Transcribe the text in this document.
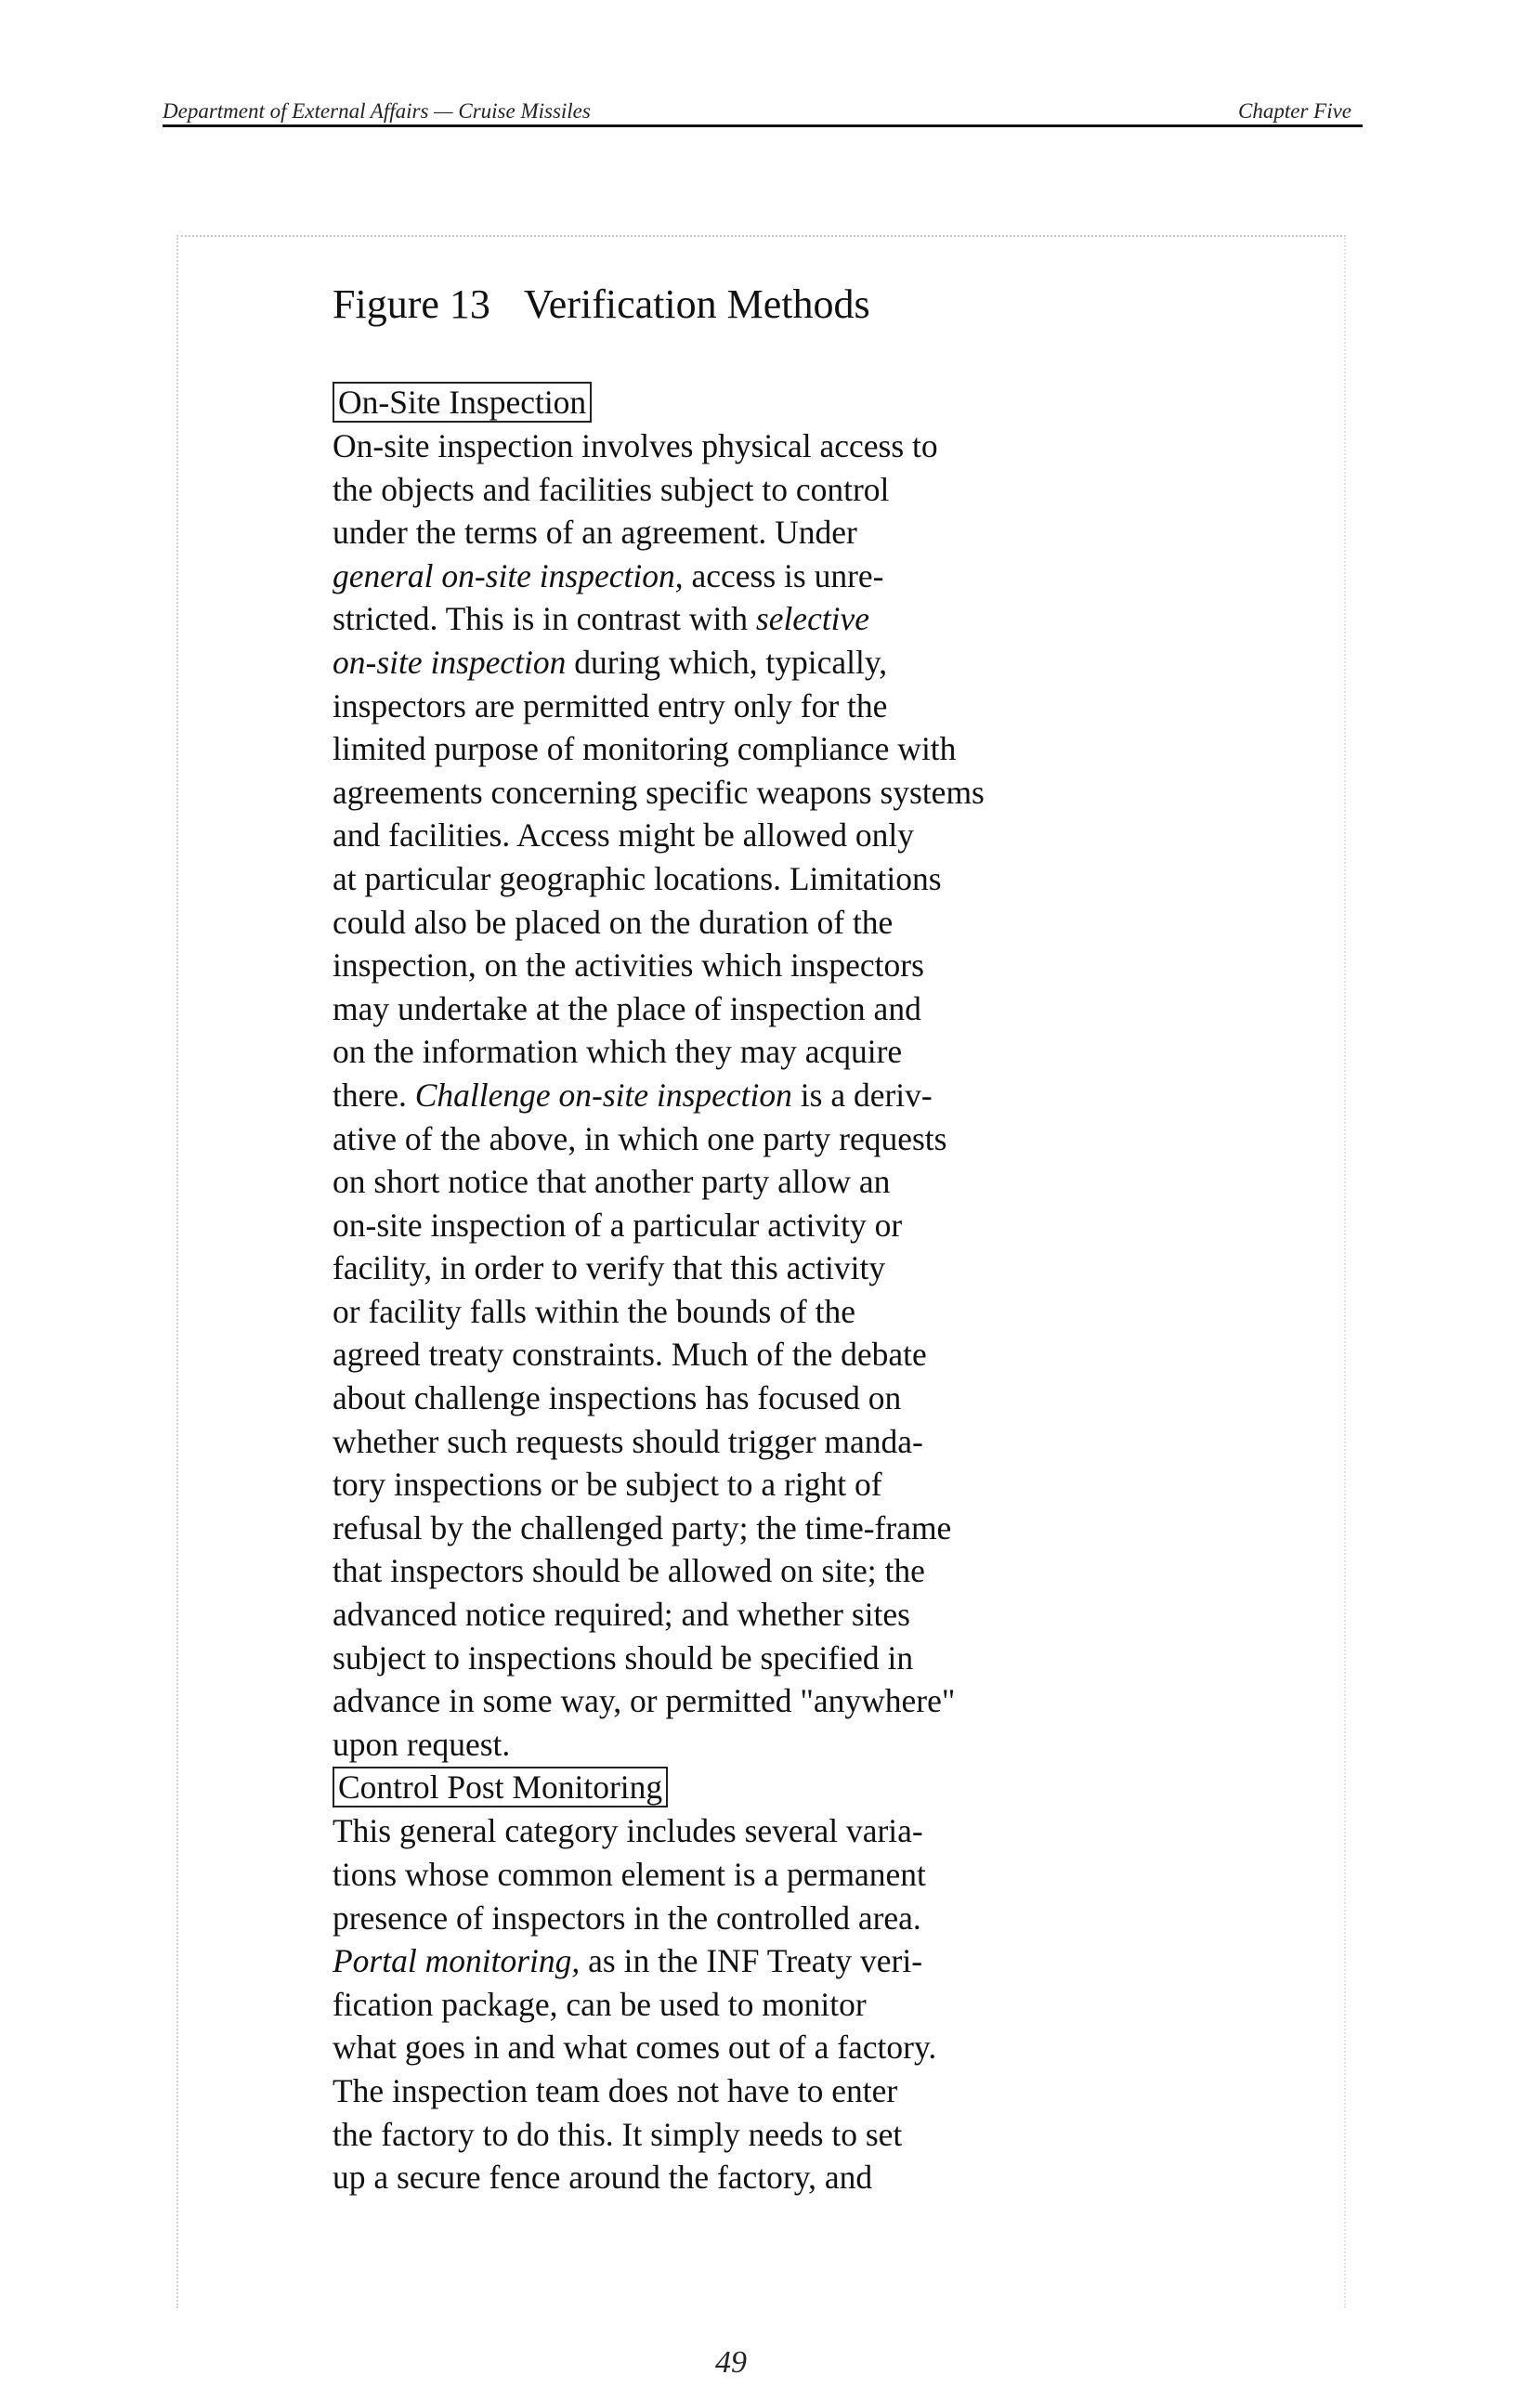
Department of External Affairs — Cruise Missiles	Chapter Five
Figure 13 Verification Methods
On-Site Inspection
On-site inspection involves physical access to
the objects and facilities subject to control
under the terms of an agreement. Under
general on-site inspection, access is unre-
stricted. This is in contrast with selective
on-site inspection during which, typically,
inspectors are permitted entry only for the
limited purpose of monitoring compliance with
agreements concerning specific weapons systems
and facilities. Access might be allowed only
at particular geographic locations. Limitations
could also be placed on the duration of the
inspection, on the activities which inspectors
may undertake at the place of inspection and
on the information which they may acquire
there. Challenge on-site inspection is a deriv-
ative of the above, in which one party requests
on short notice that another party allow an
on-site inspection of a particular activity or
facility, in order to verify that this activity
or facility falls within the bounds of the
agreed treaty constraints. Much of the debate
about challenge inspections has focused on
whether such requests should trigger manda-
tory inspections or be subject to a right of
refusal by the challenged party; the time-frame
that inspectors should be allowed on site; the
advanced notice required; and whether sites
subject to inspections should be specified in
advance in some way, or permitted "anywhere"
upon request.
Control Post Monitoring
This general category includes several varia-
tions whose common element is a permanent
presence of inspectors in the controlled area.
Portal monitoring, as in the INF Treaty veri-
fication package, can be used to monitor
what goes in and what comes out of a factory.
The inspection team does not have to enter
the factory to do this. It simply needs to set
up a secure fence around the factory, and
49
